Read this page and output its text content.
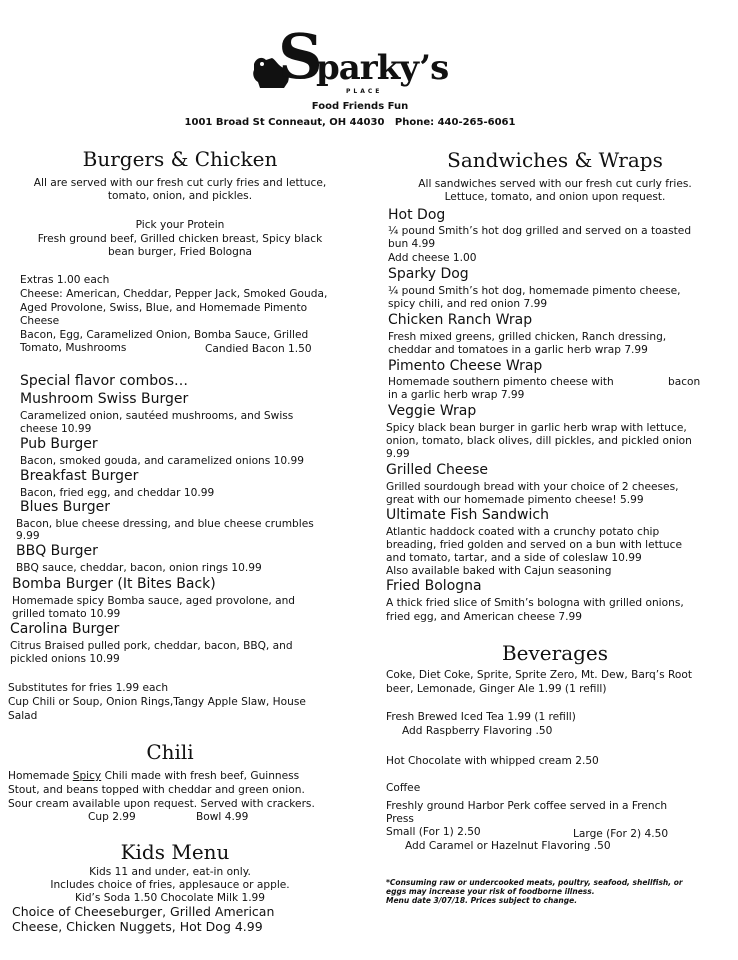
S
parky’s
PLACE
Food Friends Fun
1001 Broad St Conneaut, OH 44030 Phone: 440-265-6061
Burgers & Chicken
All are served with our fresh cut curly fries and lettuce,
tomato, onion, and pickles.
Pick your Protein
Fresh ground beef, Grilled chicken breast, Spicy black
bean burger, Fried Bologna
Extras 1.00 each
Cheese: American, Cheddar, Pepper Jack, Smoked Gouda,
Aged Provolone, Swiss, Blue, and Homemade Pimento
Cheese
Bacon, Egg, Caramelized Onion, Bomba Sauce, Grilled
Tomato, Mushrooms	Candied Bacon 1.50
Special flavor combos…
Mushroom Swiss Burger
Caramelized onion, sautéed mushrooms, and Swiss
cheese 10.99
Pub Burger
Bacon, smoked gouda, and caramelized onions 10.99
Breakfast Burger
Bacon, fried egg, and cheddar 10.99
Blues Burger
Bacon, blue cheese dressing, and blue cheese crumbles
9.99
BBQ Burger
BBQ sauce, cheddar, bacon, onion rings 10.99
Bomba Burger (It Bites Back)
Homemade spicy Bomba sauce, aged provolone, and
grilled tomato 10.99
Carolina Burger
Citrus Braised pulled pork, cheddar, bacon, BBQ, and
pickled onions 10.99
Substitutes for fries 1.99 each
Cup Chili or Soup, Onion Rings,Tangy Apple Slaw, House
Salad
Chili
Homemade Spicy Chili made with fresh beef, Guinness
Stout, and beans topped with cheddar and green onion.
Sour cream available upon request. Served with crackers.
Cup 2.99	Bowl 4.99
Kids Menu
Kids 11 and under, eat-in only.
Includes choice of fries, applesauce or apple.
Kid’s Soda 1.50 Chocolate Milk 1.99
Choice of Cheeseburger, Grilled American
Cheese, Chicken Nuggets, Hot Dog 4.99
Sandwiches & Wraps
All sandwiches served with our fresh cut curly fries.
Lettuce, tomato, and onion upon request.
Hot Dog
¼ pound Smith’s hot dog grilled and served on a toasted
bun 4.99
Add cheese 1.00
Sparky Dog
¼ pound Smith’s hot dog, homemade pimento cheese,
spicy chili, and red onion 7.99
Chicken Ranch Wrap
Fresh mixed greens, grilled chicken, Ranch dressing,
cheddar and tomatoes in a garlic herb wrap 7.99
Pimento Cheese Wrap
Homemade southern pimento cheese with	bacon
in a garlic herb wrap 7.99
Veggie Wrap
Spicy black bean burger in garlic herb wrap with lettuce,
onion, tomato, black olives, dill pickles, and pickled onion
9.99
Grilled Cheese
Grilled sourdough bread with your choice of 2 cheeses,
great with our homemade pimento cheese! 5.99
Ultimate Fish Sandwich
Atlantic haddock coated with a crunchy potato chip
breading, fried golden and served on a bun with lettuce
and tomato, tartar, and a side of coleslaw 10.99
Also available baked with Cajun seasoning
Fried Bologna
A thick fried slice of Smith’s bologna with grilled onions,
fried egg, and American cheese 7.99
Beverages
Coke, Diet Coke, Sprite, Sprite Zero, Mt. Dew, Barq’s Root
beer, Lemonade, Ginger Ale 1.99 (1 refill)
Fresh Brewed Iced Tea 1.99 (1 refill)
Add Raspberry Flavoring .50
Hot Chocolate with whipped cream 2.50
Coffee
Freshly ground Harbor Perk coffee served in a French
Press
Small (For 1) 2.50	Large (For 2) 4.50
Add Caramel or Hazelnut Flavoring .50
*Consuming raw or undercooked meats, poultry, seafood, shellfish, or
eggs may increase your risk of foodborne illness.
Menu date 3/07/18. Prices subject to change.
